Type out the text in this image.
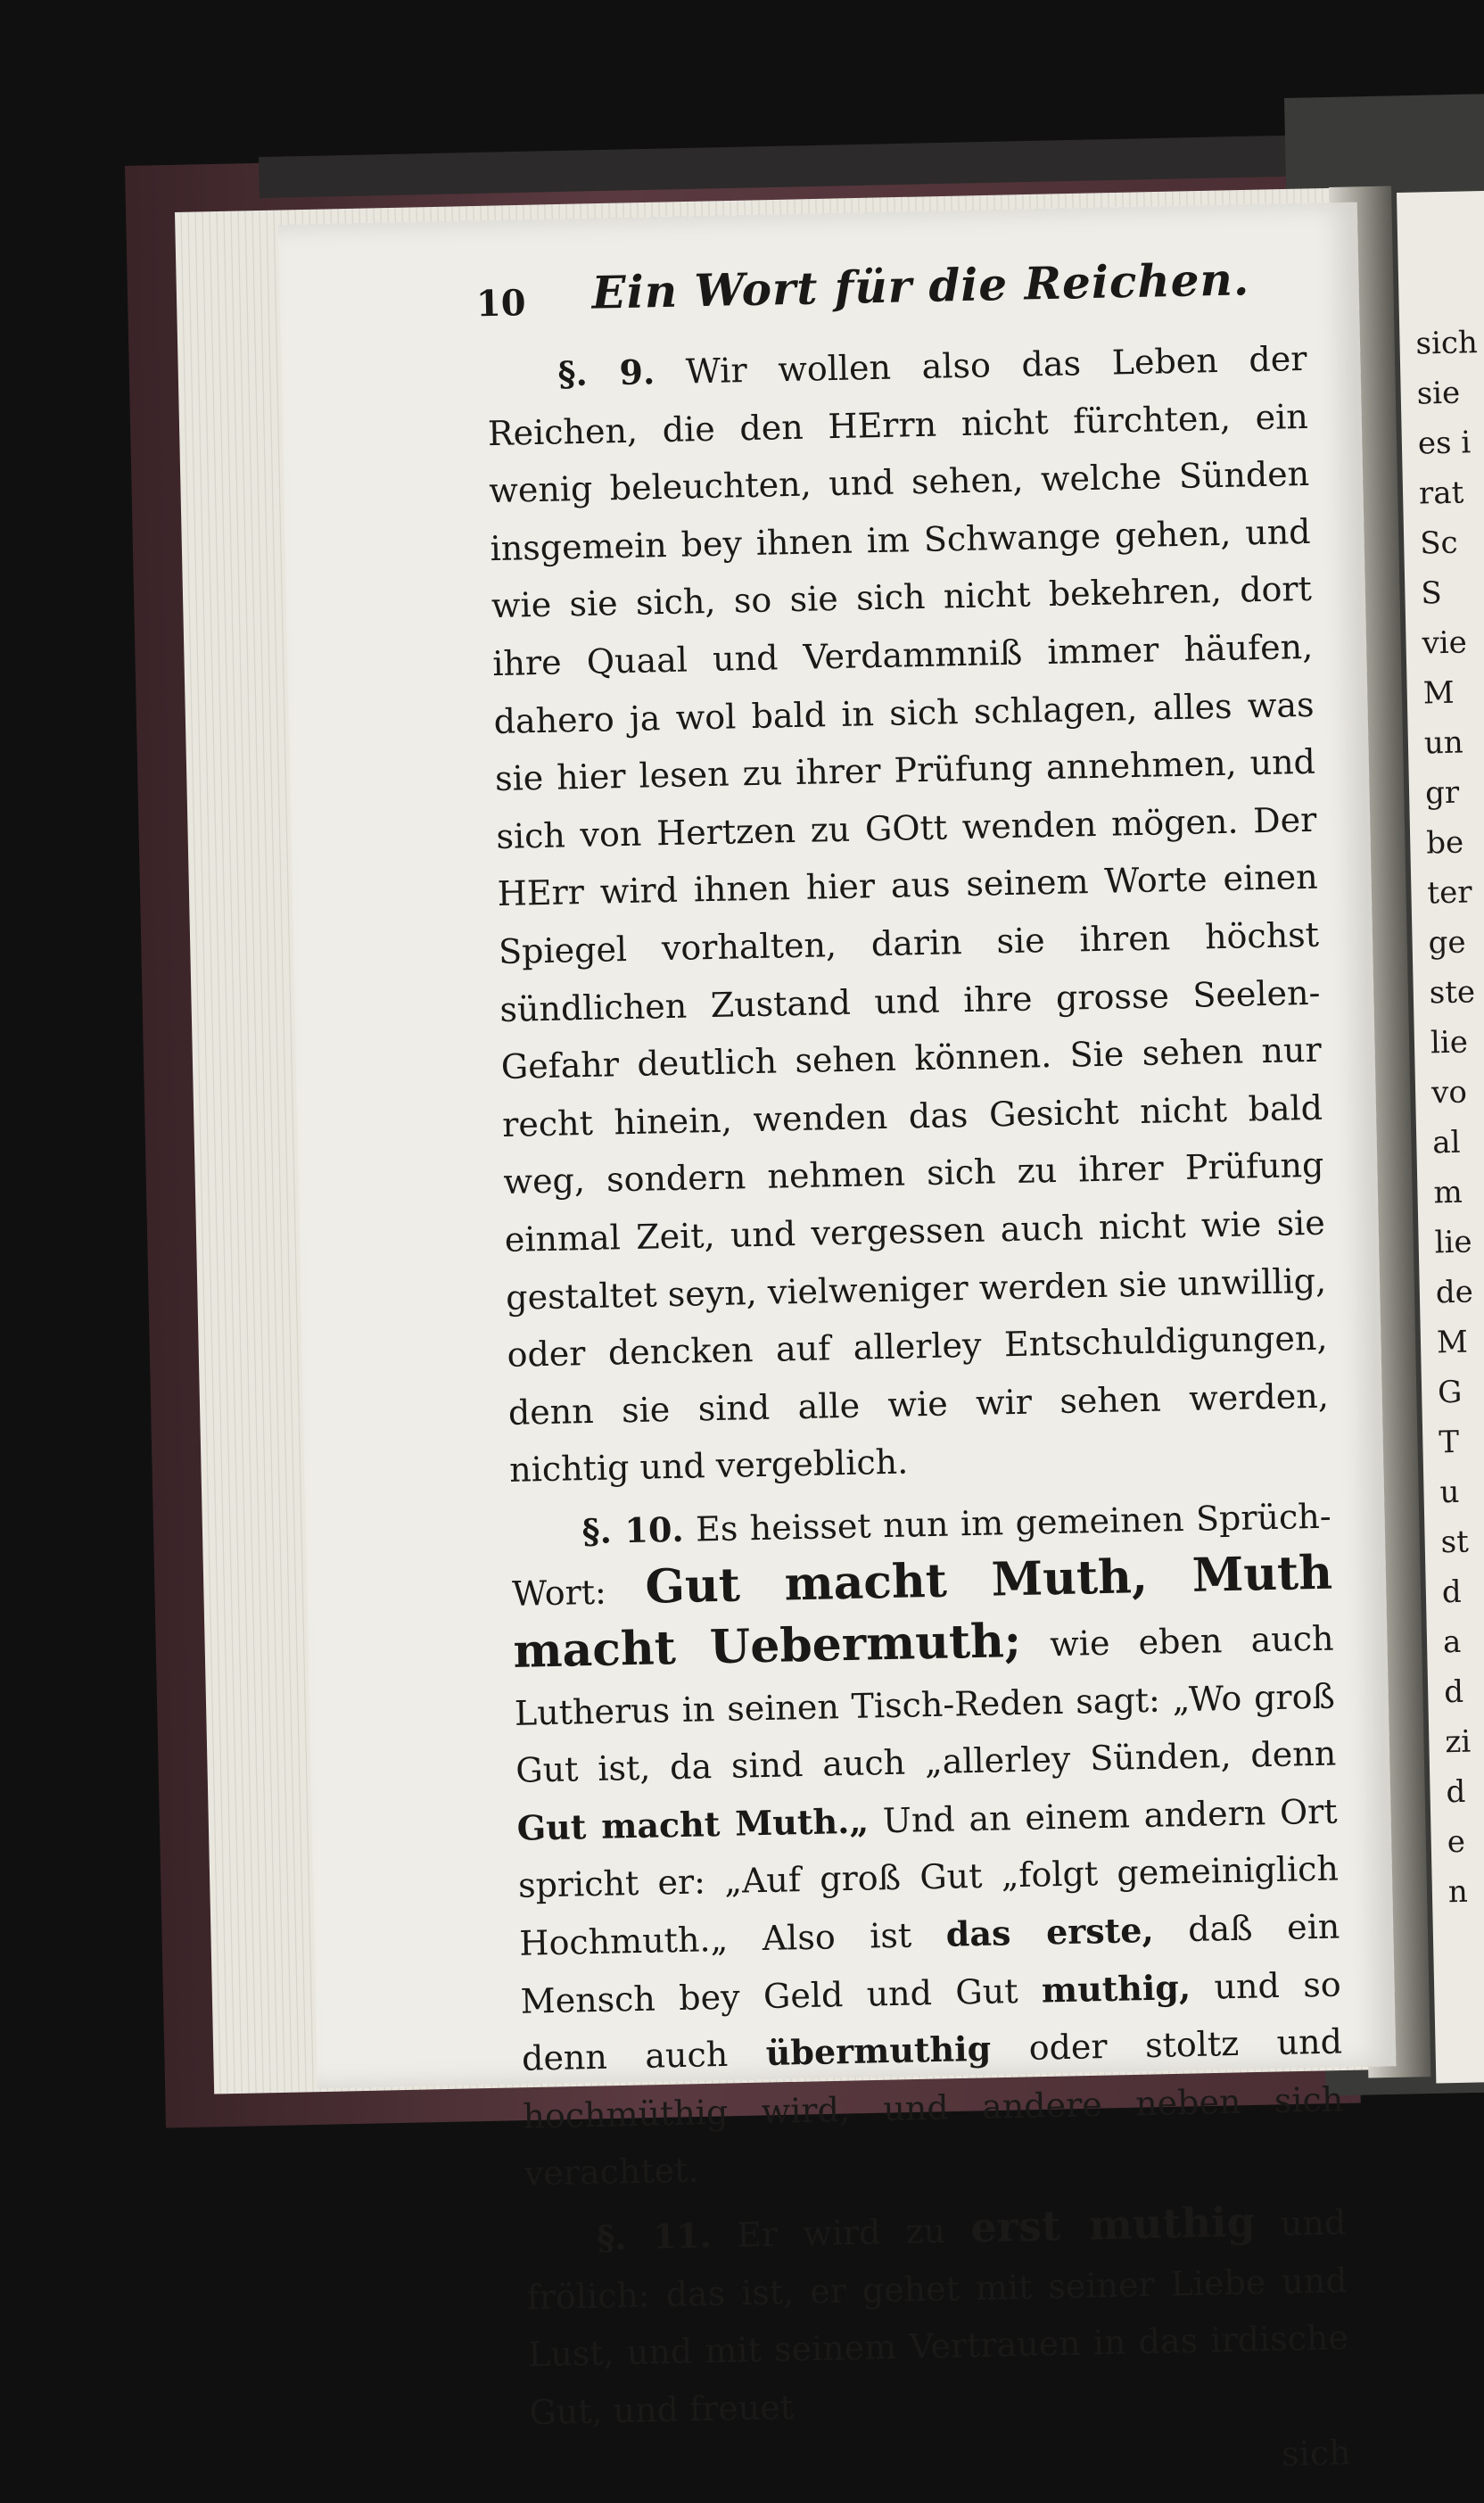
sich
sie
es i
rat
Sc
S
vie
M
un
gr
be
ter
ge
ste
lie
vo
al
m
lie
de
M
G
T
u
st
d
a
d
zi
d
e
n
10 Ein Wort für die Reichen.

§. 9. Wir wollen also das Leben der Reichen, die den HErrn nicht fürchten, ein wenig beleuchten, und sehen, welche Sünden insgemein bey ihnen im Schwange gehen, und wie sie sich, so sie sich nicht bekehren, dort ihre Quaal und Verdammniß immer häufen, dahero ja wol bald in sich schlagen, alles was sie hier lesen zu ihrer Prüfung annehmen, und sich von Hertzen zu GOtt wenden mögen. Der HErr wird ihnen hier aus seinem Worte einen Spiegel vorhalten, darin sie ihren höchst sündlichen Zustand und ihre grosse Seelen-Gefahr deutlich sehen können. Sie sehen nur recht hinein, wenden das Gesicht nicht bald weg, sondern nehmen sich zu ihrer Prüfung einmal Zeit, und vergessen auch nicht wie sie gestaltet seyn, vielweniger werden sie unwillig, oder dencken auf allerley Entschuldigungen, denn sie sind alle wie wir sehen werden, nichtig und vergeblich.

§. 10. Es heisset nun im gemeinen Sprüch-Wort: Gut macht Muth, Muth macht Uebermuth; wie eben auch Lutherus in seinen Tisch-Reden sagt: „Wo groß Gut ist, da sind auch „allerley Sünden, denn Gut macht Muth.„ Und an einem andern Ort spricht er: „Auf groß Gut „folgt gemeiniglich Hochmuth.„ Also ist das erste, daß ein Mensch bey Geld und Gut muthig, und so denn auch übermuthig oder stoltz und hochmüthig wird, und andere neben sich verachtet.

§. 11. Er wird zu erst muthig und frölich: das ist, er gehet mit seiner Liebe und Lust, und mit seinem Vertrauen in das irdische Gut, und freuet

sich
